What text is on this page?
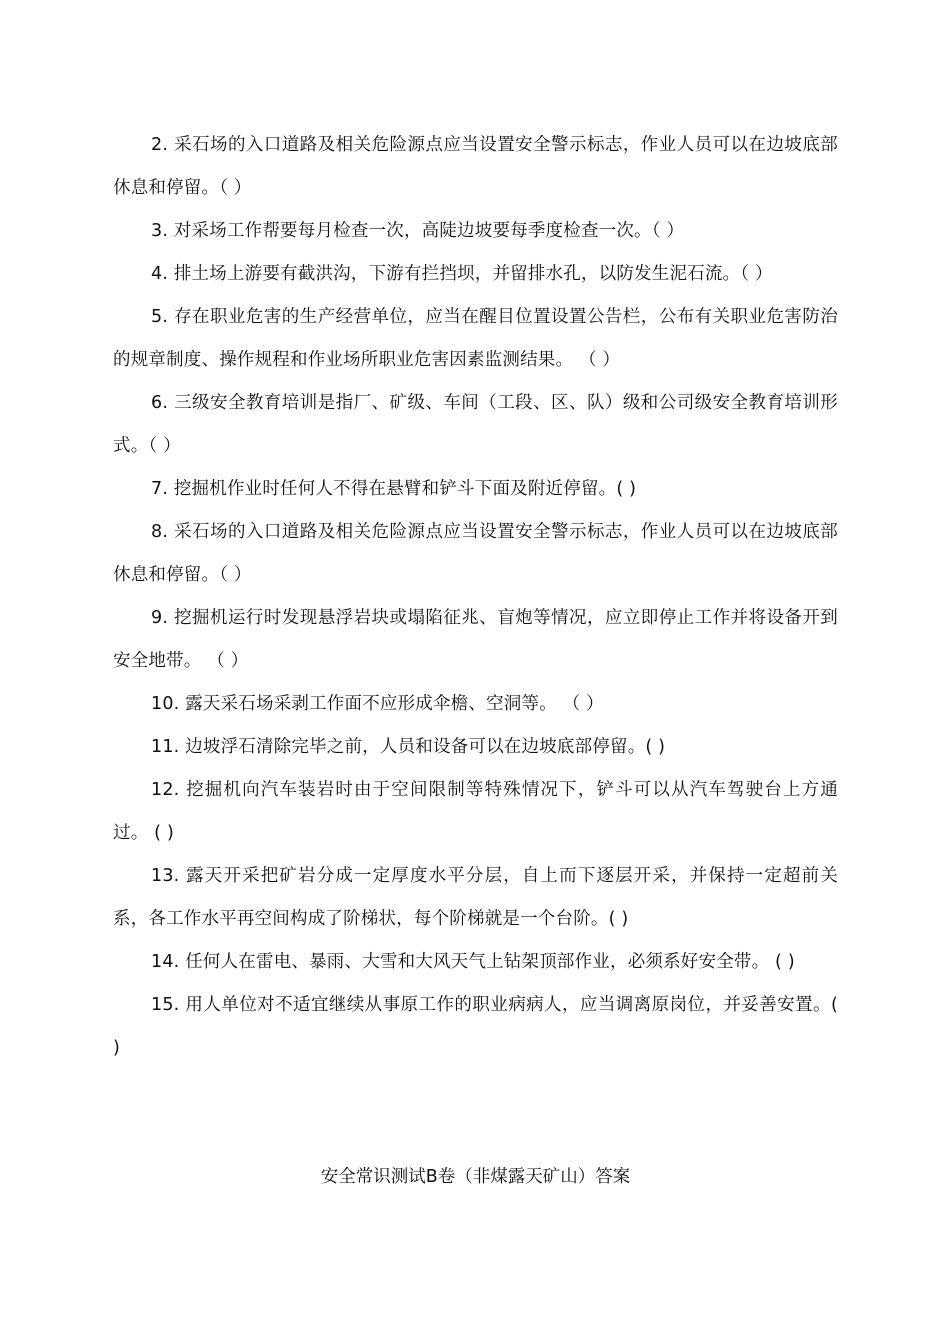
2. 采石场的入口道路及相关危险源点应当设置安全警示标志，作业人员可以在边坡底部休息和停留。（ ）

3. 对采场工作帮要每月检查一次，高陡边坡要每季度检查一次。（ ）

4. 排土场上游要有截洪沟，下游有拦挡坝，并留排水孔，以防发生泥石流。（ ）

5. 存在职业危害的生产经营单位，应当在醒目位置设置公告栏，公布有关职业危害防治的规章制度、操作规程和作业场所职业危害因素监测结果。 （ ）

6. 三级安全教育培训是指厂、矿级、车间（工段、区、队）级和公司级安全教育培训形式。（ ）

7. 挖掘机作业时任何人不得在悬臂和铲斗下面及附近停留。( )

8. 采石场的入口道路及相关危险源点应当设置安全警示标志，作业人员可以在边坡底部休息和停留。（ ）

9. 挖掘机运行时发现悬浮岩块或塌陷征兆、盲炮等情况，应立即停止工作并将设备开到安全地带。 （ ）

10. 露天采石场采剥工作面不应形成伞檐、空洞等。 （ ）

11. 边坡浮石清除完毕之前，人员和设备可以在边坡底部停留。( )

12. 挖掘机向汽车装岩时由于空间限制等特殊情况下，铲斗可以从汽车驾驶台上方通过。 ( )

13. 露天开采把矿岩分成一定厚度水平分层，自上而下逐层开采，并保持一定超前关系，各工作水平再空间构成了阶梯状，每个阶梯就是一个台阶。( )

14. 任何人在雷电、暴雨、大雪和大风天气上钻架顶部作业，必须系好安全带。 ( )

15. 用人单位对不适宜继续从事原工作的职业病病人，应当调离原岗位，并妥善安置。( )

安全常识测试B卷（非煤露天矿山）答案
